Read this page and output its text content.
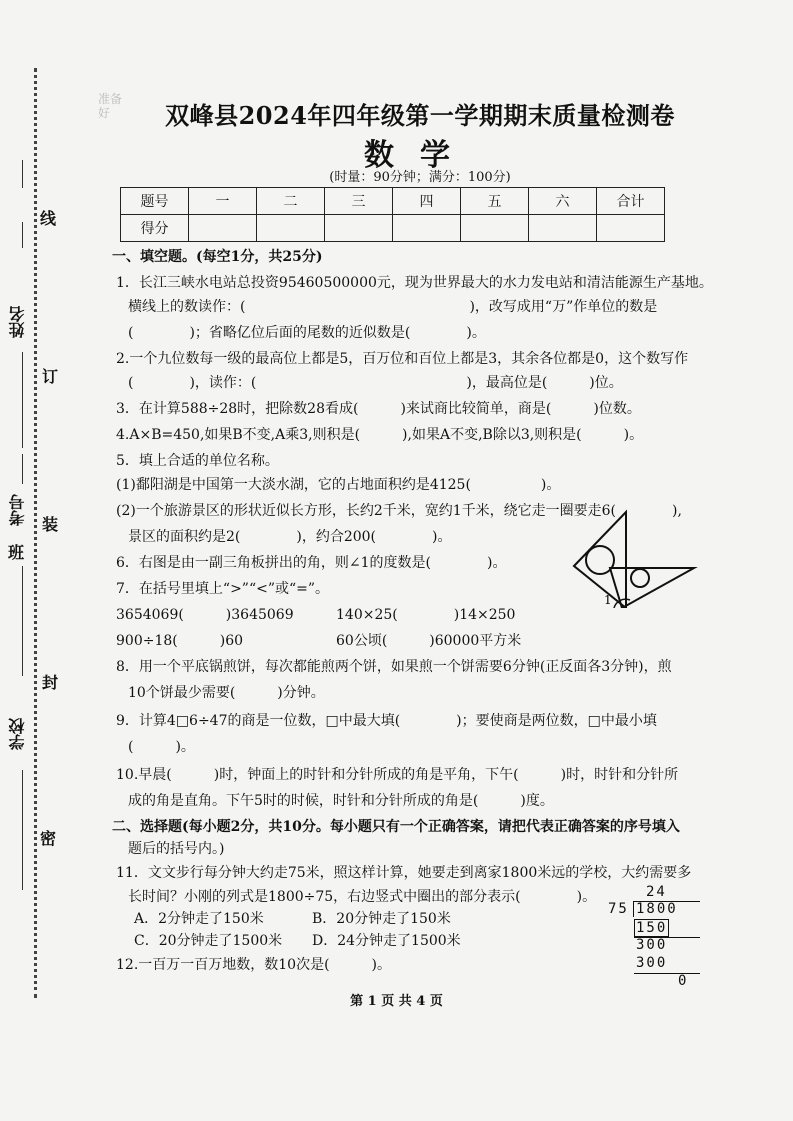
线
姓名
订
考号
班
装
封
学校
密
准备好	双峰县2024年四年级第一学期期末质量检测卷
数学
(时量：90分钟；满分：100分)
题号	一	二	三	四	五	六	合计
得分							
一、填空题。(每空1分，共25分)
1．长江三峡水电站总投资95460500000元，现为世界最大的水力发电站和清洁能源生产基地。
横线上的数读作：(　　　　　　　　　　　　　　　　)，改写成用“万”作单位的数是
(　　　　)；省略亿位后面的尾数的近似数是(　　　　)。
2.一个九位数每一级的最高位上都是5，百万位和百位上都是3，其余各位都是0，这个数写作
(　　　　)，读作：(　　　　　　　　　　　　　　　)，最高位是(　　　)位。
3．在计算588÷28时，把除数28看成(　　　)来试商比较简单，商是(　　　)位数。
4.A×B=450,如果B不变,A乘3,则积是(　　　),如果A不变,B除以3,则积是(　　　)。
5．填上合适的单位名称。
(1)鄱阳湖是中国第一大淡水湖，它的占地面积约是4125(　　　　　)。
(2)一个旅游景区的形状近似长方形，长约2千米，宽约1千米，绕它走一圈要走6(　　　　),
景区的面积约是2(　　　　)，约合200(　　　　)。
6．右图是由一副三角板拼出的角，则∠1的度数是(　　　　)。
1
7．在括号里填上“>”“<”或“=”。
3654069(　　　)3645069	140×25(　　　　)14×250
900÷18(　　　)60	60公顷(　　　)60000平方米
8．用一个平底锅煎饼，每次都能煎两个饼，如果煎一个饼需要6分钟(正反面各3分钟)，煎
10个饼最少需要(　　　)分钟。
9．计算4□6÷47的商是一位数，□中最大填(　　　　)；要使商是两位数，□中最小填
(　　　)。
10.早晨(　　　)时，钟面上的时针和分针所成的角是平角，下午(　　　)时，时针和分针所
成的角是直角。下午5时的时候，时针和分针所成的角是(　　　)度。
二、选择题(每小题2分，共10分。每小题只有一个正确答案，请把代表正确答案的序号填入
题后的括号内。)
11．文文步行每分钟大约走75米，照这样计算，她要走到离家1800米远的学校，大约需要多
长时间？小刚的列式是1800÷75，右边竖式中圈出的部分表示(　　　　)。
A．2分钟走了150米	B．20分钟走了150米
C．20分钟走了1500米 D．24分钟走了1500米
12.一百万一百万地数，数10次是(　　　)。
24
75 1800
150
300
300
0
第 1 页 共 4 页
